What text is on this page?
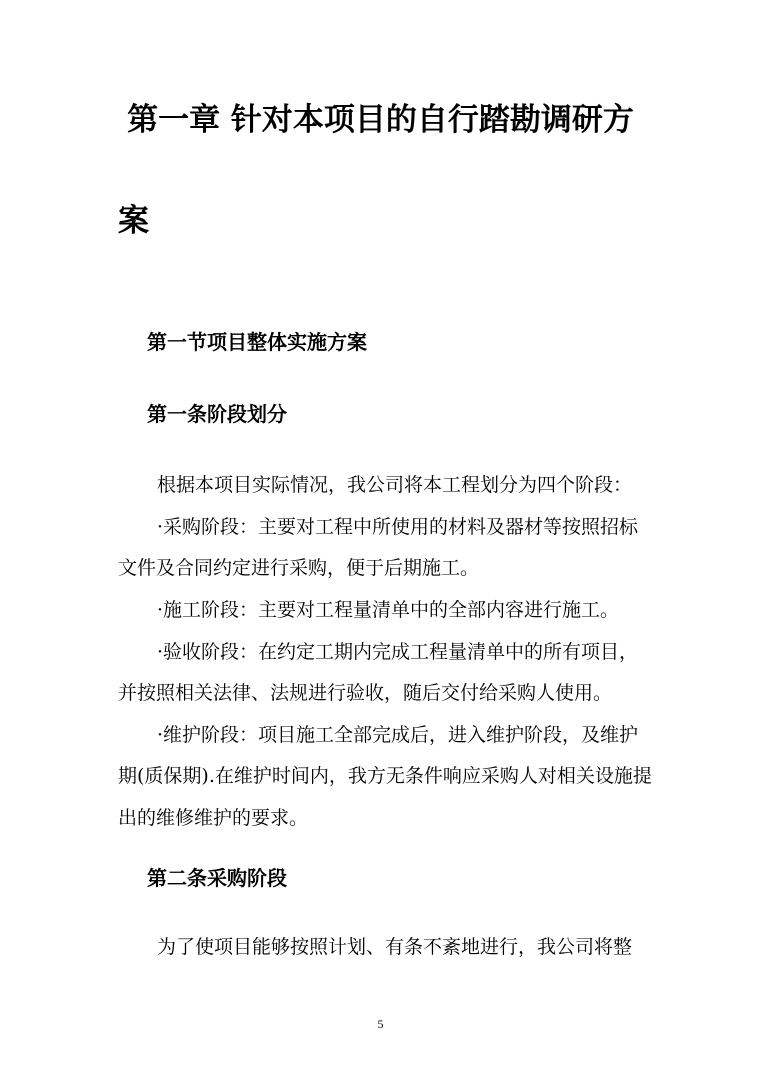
第一章 针对本项目的自行踏勘调研方
案
第一节项目整体实施方案
第一条阶段划分
根据本项目实际情况，我公司将本工程划分为四个阶段：
·采购阶段：主要对工程中所使用的材料及器材等按照招标
文件及合同约定进行采购，便于后期施工。
·施工阶段：主要对工程量清单中的全部内容进行施工。
·验收阶段：在约定工期内完成工程量清单中的所有项目，
并按照相关法律、法规进行验收，随后交付给采购人使用。
·维护阶段：项目施工全部完成后，进入维护阶段，及维护
期(质保期).在维护时间内，我方无条件响应采购人对相关设施提
出的维修维护的要求。
第二条采购阶段
为了使项目能够按照计划、有条不紊地进行，我公司将整
5
